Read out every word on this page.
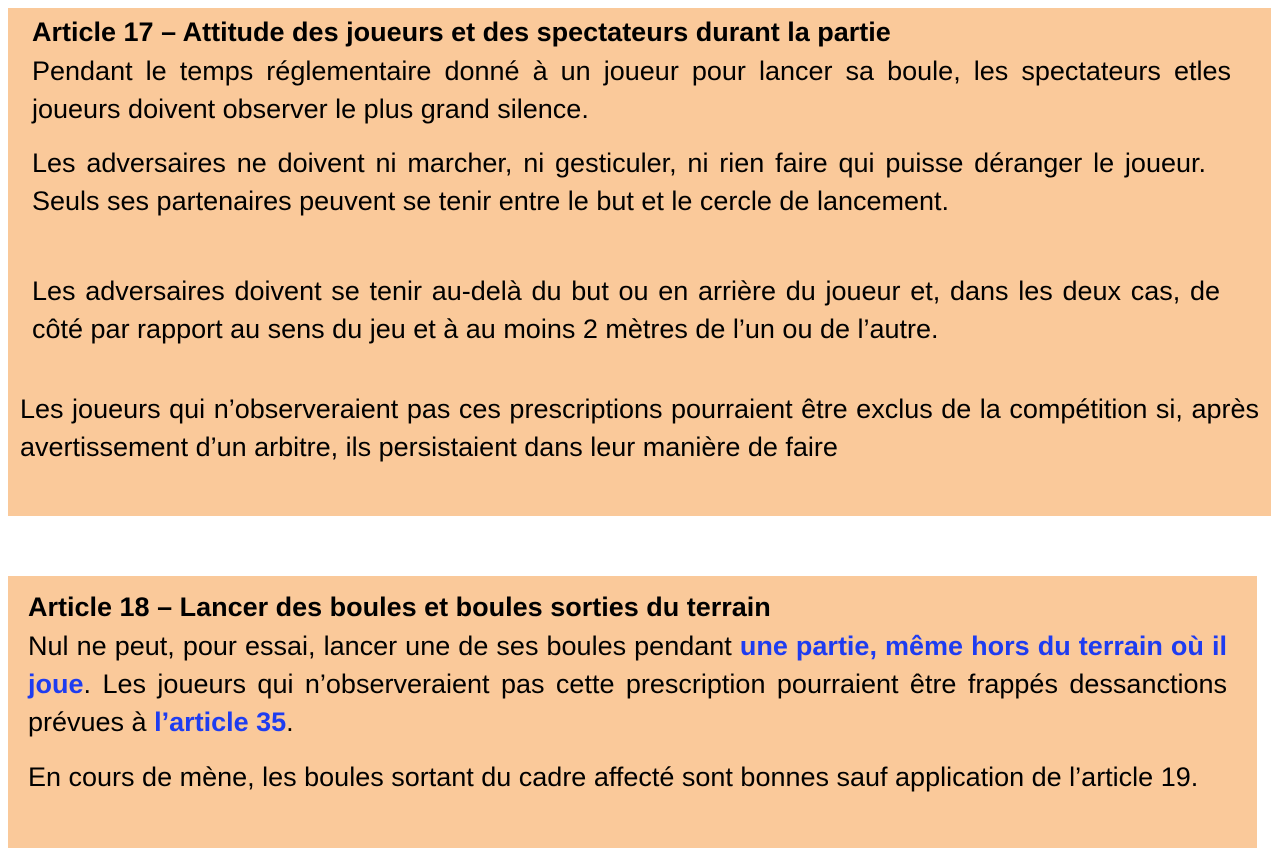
Article 17 – Attitude des joueurs et des spectateurs durant la partie

Pendant le temps réglementaire donné à un joueur pour lancer sa boule, les spectateurs etles joueurs doivent observer le plus grand silence.

Les adversaires ne doivent ni marcher, ni gesticuler, ni rien faire qui puisse déranger le joueur. Seuls ses partenaires peuvent se tenir entre le but et le cercle de lancement.

Les adversaires doivent se tenir au-delà du but ou en arrière du joueur et, dans les deux cas, de côté par rapport au sens du jeu et à au moins 2 mètres de l’un ou de l’autre.

Les joueurs qui n’observeraient pas ces prescriptions pourraient être exclus de la compétition si, après avertissement d’un arbitre, ils persistaient dans leur manière de faire

Article 18 – Lancer des boules et boules sorties du terrain

Nul ne peut, pour essai, lancer une de ses boules pendant une partie, même hors du terrain où il joue. Les joueurs qui n’observeraient pas cette prescription pourraient être frappés dessanctions prévues à l’article 35.

En cours de mène, les boules sortant du cadre affecté sont bonnes sauf application de l’article 19.
